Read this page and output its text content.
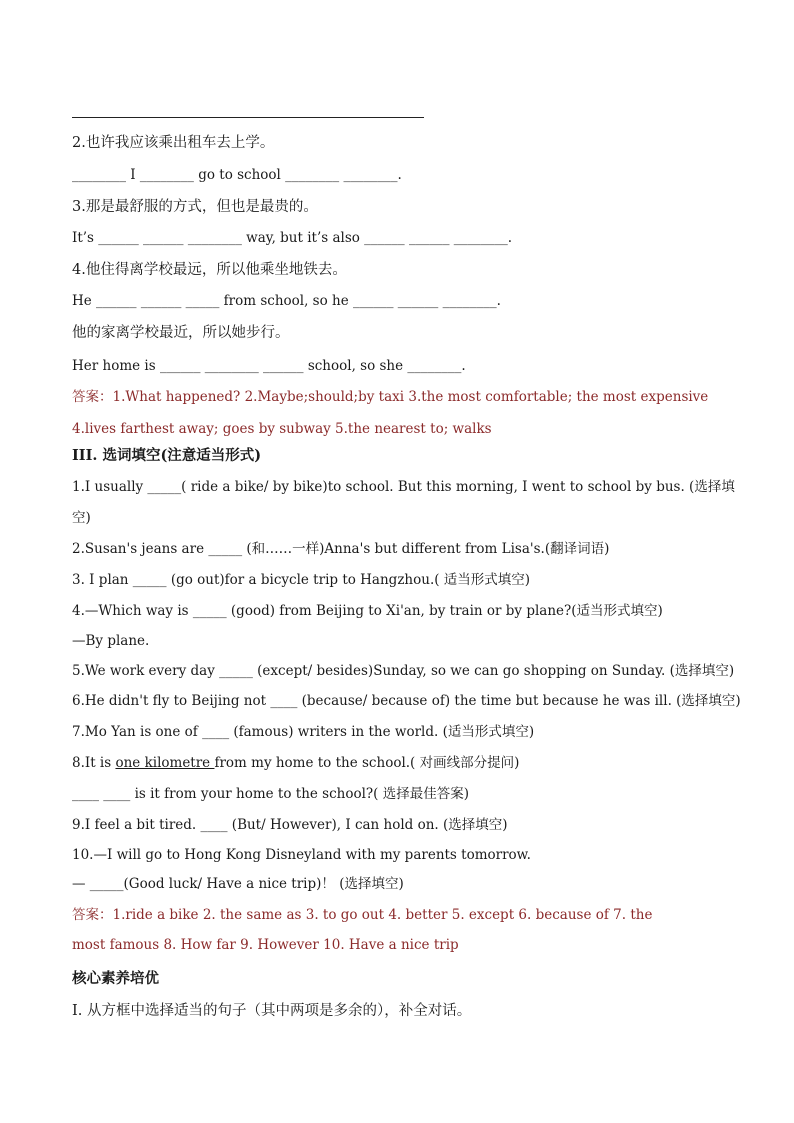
2.也许我应该乘出租车去上学。
________ I ________ go to school ________ ________.
3.那是最舒服的方式，但也是最贵的。
It’s ______ ______ ________ way, but it’s also ______ ______ ________.
4.他住得离学校最远，所以他乘坐地铁去。
He ______ ______ _____ from school, so he ______ ______ ________.
他的家离学校最近，所以她步行。
Her home is ______ ________ ______ school, so she ________.
答案：1.What happened? 2.Maybe;should;by taxi 3.the most comfortable; the most expensive
4.lives farthest away; goes by subway 5.the nearest to; walks
III. 选词填空(注意适当形式)
1.I usually _____( ride a bike/ by bike)to school. But this morning, I went to school by bus. (选择填
空)
2.Susan's jeans are _____ (和……一样)Anna's but different from Lisa's.(翻译词语)
3. I plan _____ (go out)for a bicycle trip to Hangzhou.( 适当形式填空)
4.—Which way is _____ (good) from Beijing to Xi'an, by train or by plane?(适当形式填空)
—By plane.
5.We work every day _____ (except/ besides)Sunday, so we can go shopping on Sunday. (选择填空)
6.He didn't fly to Beijing not ____ (because/ because of) the time but because he was ill. (选择填空)
7.Mo Yan is one of ____ (famous) writers in the world. (适当形式填空)
8.It is one kilometre from my home to the school.( 对画线部分提问)
____ ____ is it from your home to the school?( 选择最佳答案)
9.I feel a bit tired. ____ (But/ However), I can hold on. (选择填空)
10.—I will go to Hong Kong Disneyland with my parents tomorrow.
— _____(Good luck/ Have a nice trip)！ (选择填空)
答案：1.ride a bike 2. the same as 3. to go out 4. better 5. except 6. because of 7. the
most famous 8. How far 9. However 10. Have a nice trip
核心素养培优
I. 从方框中选择适当的句子（其中两项是多余的），补全对话。
